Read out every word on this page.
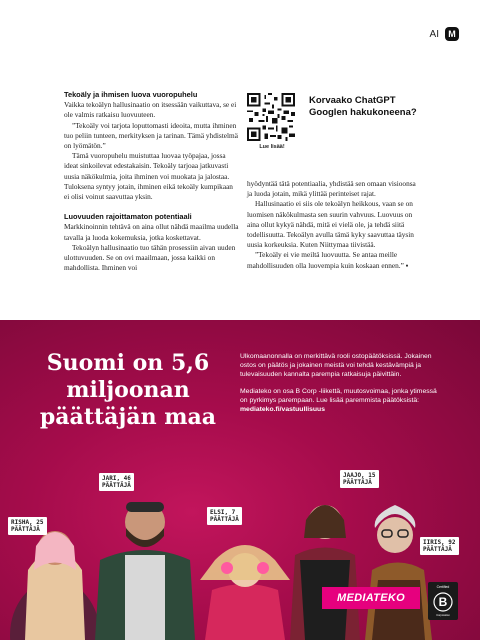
AI	M

Tekoäly ja ihmisen luova vuoropuhelu

Vaikka tekoälyn hallusinaatio on itsessään vaikuttava, se ei ole valmis ratkaisu luovuuteen.

”Tekoäly voi tarjota loputtomasti ideoita, mutta ihminen tuo peliin tunteen, merkityksen ja tarinan. Tämä yhdistelmä on lyömätön.”

Tämä vuoropuhelu muistuttaa luovaa työpajaa, jossa ideat sinkoilevat edestakaisin. Tekoäly tarjoaa jatkuvasti uusia näkökulmia, joita ihminen voi muokata ja jalostaa. Tuloksena syntyy jotain, ihminen eikä tekoäly kumpikaan ei olisi voinut saavuttaa yksin.

Luovuuden rajoittamaton potentiaali

Markkinoinnin tehtävä on aina ollut nähdä maailma uudella tavalla ja luoda kokemuksia, jotka koskettavat.

Tekoälyn hallusinaatio tuo tähän prosessiin aivan uuden ulottuvuuden. Se on ovi maailmaan, jossa kaikki on mahdollista. Ihminen voi

Lue lisää!
Korvaako ChatGPT Googlen hakukoneena?

hyödyntää tätä potentiaalia, yhdistää sen omaan visioonsa ja luoda jotain, mikä ylittää perinteiset rajat.

Hallusinaatio ei siis ole tekoälyn heikkous, vaan se on luomisen näkökulmasta sen suurin vahvuus. Luovuus on aina ollut kykyä nähdä, mitä ei vielä ole, ja tehdä siitä todellisuutta. Tekoälyn avulla tämä kyky saavuttaa täysin uusia korkeuksia. Kuten Niittymaa tiivistää.

”Tekoäly ei vie meiltä luovuutta. Se antaa meille mahdollisuuden olla luovempia kuin koskaan ennen.” ▪

Suomi on 5,6 miljoonan päättäjän maa

Ulkomaanonnalla on merkittävä rooli ostopäätöksissä. Jokainen ostos on päätös ja jokainen meistä voi tehdä kestävämpiä ja tulevaisuuden kannalta parempia ratkaisuja päivittäin.

Mediateko on osa B Corp -liikettä, muutosvoimaa, jonka ytimessä on pyrkimys parempaan. Lue lisää paremmista päätöksistä: mediateko.fi/vastuullisuus

RISHA, 25
PÄÄTTÄJÄ
JARI, 46
PÄÄTTÄJÄ
ELSI, 7
PÄÄTTÄJÄ
JAAJO, 15
PÄÄTTÄJÄ
IIRIS, 92
PÄÄTTÄJÄ
MEDIATEKO
Certified
B
Corporation
